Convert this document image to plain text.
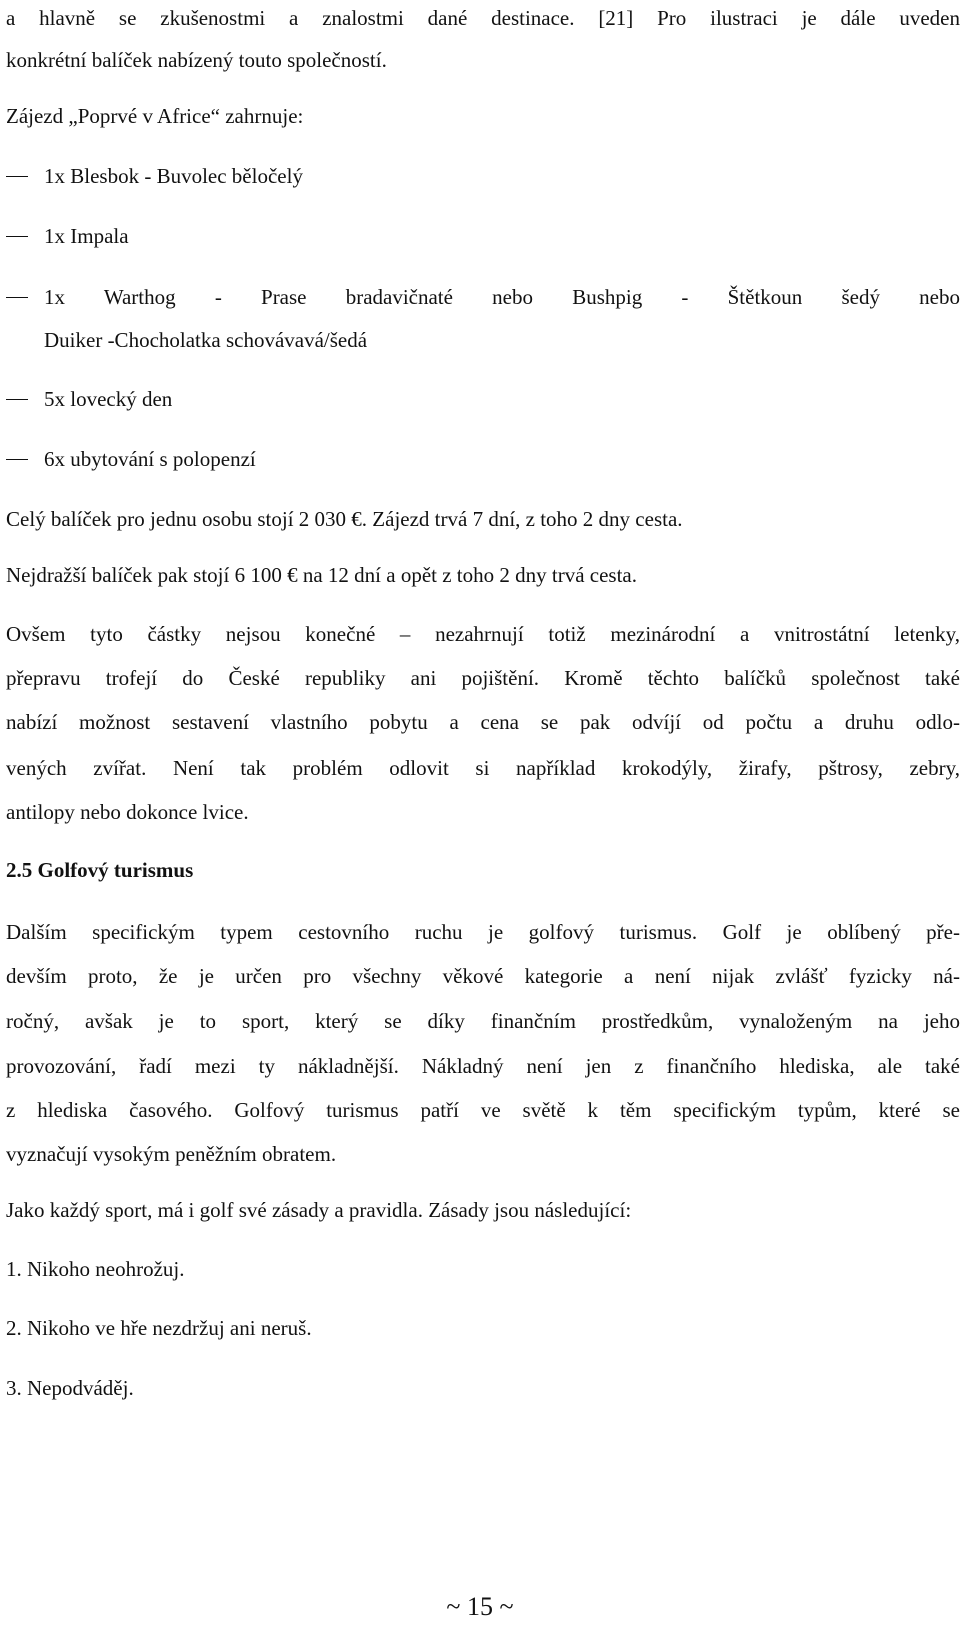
a hlavně se zkušenostmi a znalostmi dané destinace. [21] Pro ilustraci je dále uveden
konkrétní balíček nabízený touto společností.
Zájezd „Poprvé v Africe“ zahrnuje:
1x Blesbok - Buvolec běločelý
1x Impala
1x Warthog - Prase bradavičnaté nebo Bushpig - Štětkoun šedý nebo
Duiker -Chocholatka schovávavá/šedá
5x lovecký den
6x ubytování s polopenzí
Celý balíček pro jednu osobu stojí 2 030 €. Zájezd trvá 7 dní, z toho 2 dny cesta.
Nejdražší balíček pak stojí 6 100 € na 12 dní a opět z toho 2 dny trvá cesta.
Ovšem tyto částky nejsou konečné – nezahrnují totiž mezinárodní a vnitrostátní letenky,
přepravu trofejí do České republiky ani pojištění. Kromě těchto balíčků společnost také
nabízí možnost sestavení vlastního pobytu a cena se pak odvíjí od počtu a druhu odlo-
vených zvířat. Není tak problém odlovit si například krokodýly, žirafy, pštrosy, zebry,
antilopy nebo dokonce lvice.
2.5 Golfový turismus
Dalším specifickým typem cestovního ruchu je golfový turismus. Golf je oblíbený pře-
devším proto, že je určen pro všechny věkové kategorie a není nijak zvlášť fyzicky ná-
ročný, avšak je to sport, který se díky finančním prostředkům, vynaloženým na jeho
provozování, řadí mezi ty nákladnější. Nákladný není jen z finančního hlediska, ale také
z hlediska časového. Golfový turismus patří ve světě k těm specifickým typům, které se
vyznačují vysokým peněžním obratem.
Jako každý sport, má i golf své zásady a pravidla. Zásady jsou následující:
1. Nikoho neohrožuj.
2. Nikoho ve hře nezdržuj ani neruš.
3. Nepodváděj.
~ 15 ~
